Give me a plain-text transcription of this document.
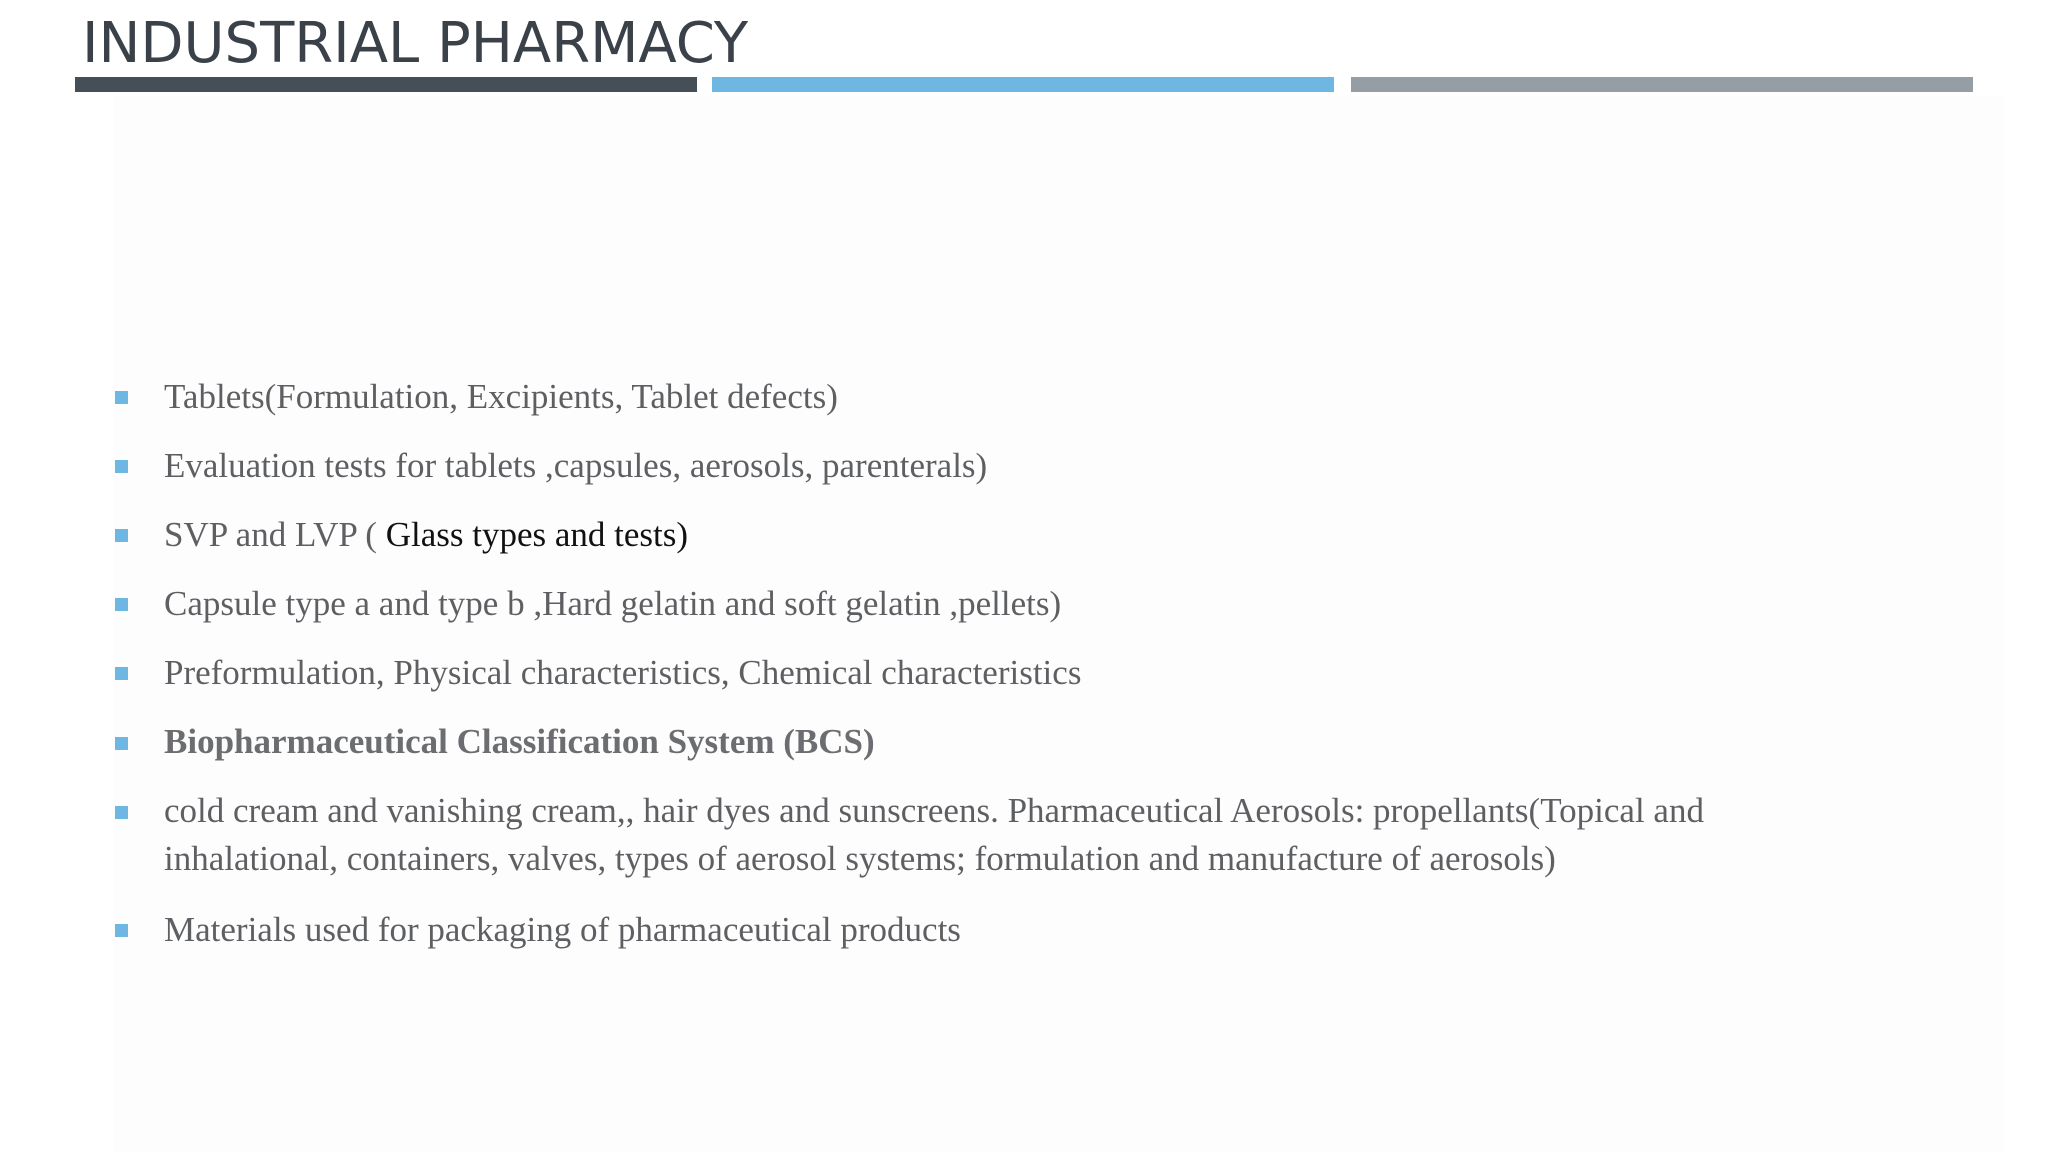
INDUSTRIAL PHARMACY

Tablets(Formulation, Excipients, Tablet defects)

Evaluation tests for tablets ,capsules, aerosols, parenterals)

SVP and LVP ( Glass types and tests)

Capsule type a and type b ,Hard gelatin and soft gelatin ,pellets)

Preformulation, Physical characteristics, Chemical characteristics

Biopharmaceutical Classification System (BCS)

cold cream and vanishing cream,, hair dyes and sunscreens. Pharmaceutical Aerosols: propellants(Topical and inhalational, containers, valves, types of aerosol systems; formulation and manufacture of aerosols)

Materials used for packaging of pharmaceutical products
